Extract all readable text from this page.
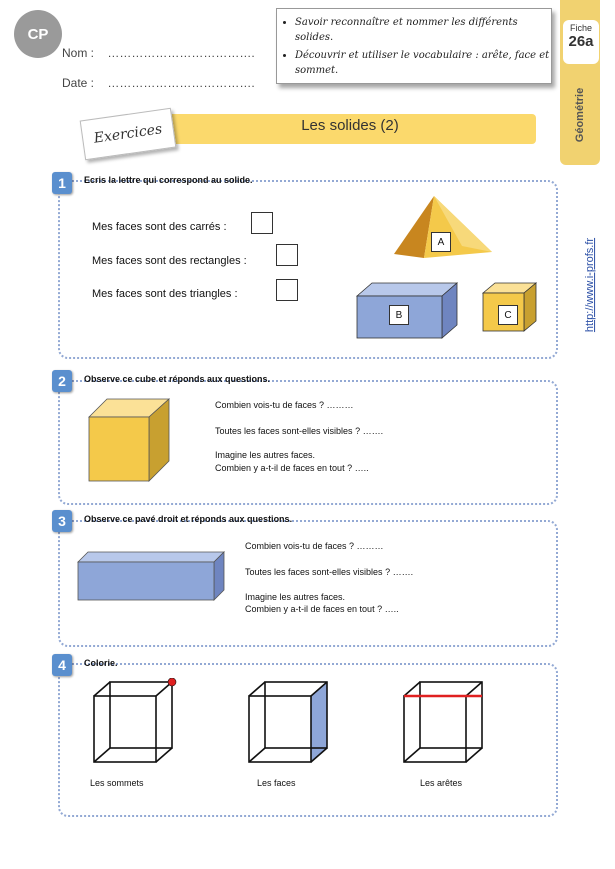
CP
Nom : ……………………………….
Date : ……………………………….
• Savoir reconnaître et nommer les différents solides.
• Découvrir et utiliser le vocabulaire : arête, face et sommet.
Fiche
26a
Géométrie
http://www.i-profs.fr
Les solides (2)
Exercices
1	Ecris la lettre qui correspond au solide.
Mes faces sont des carrés :
Mes faces sont des rectangles :
Mes faces sont des triangles :
A
B	C
2	Observe ce cube et réponds aux questions.
Combien vois-tu de faces ? ………
Toutes les faces sont-elles visibles ? …….
Imagine les autres faces.
Combien y a-t-il de faces en tout ? …..
3	Observe ce pavé droit et réponds aux questions.
Combien vois-tu de faces ? ………
Toutes les faces sont-elles visibles ? …….
Imagine les autres faces.
Combien y a-t-il de faces en tout ? …..
4	Colorie.
Les sommets	Les faces	Les arêtes
